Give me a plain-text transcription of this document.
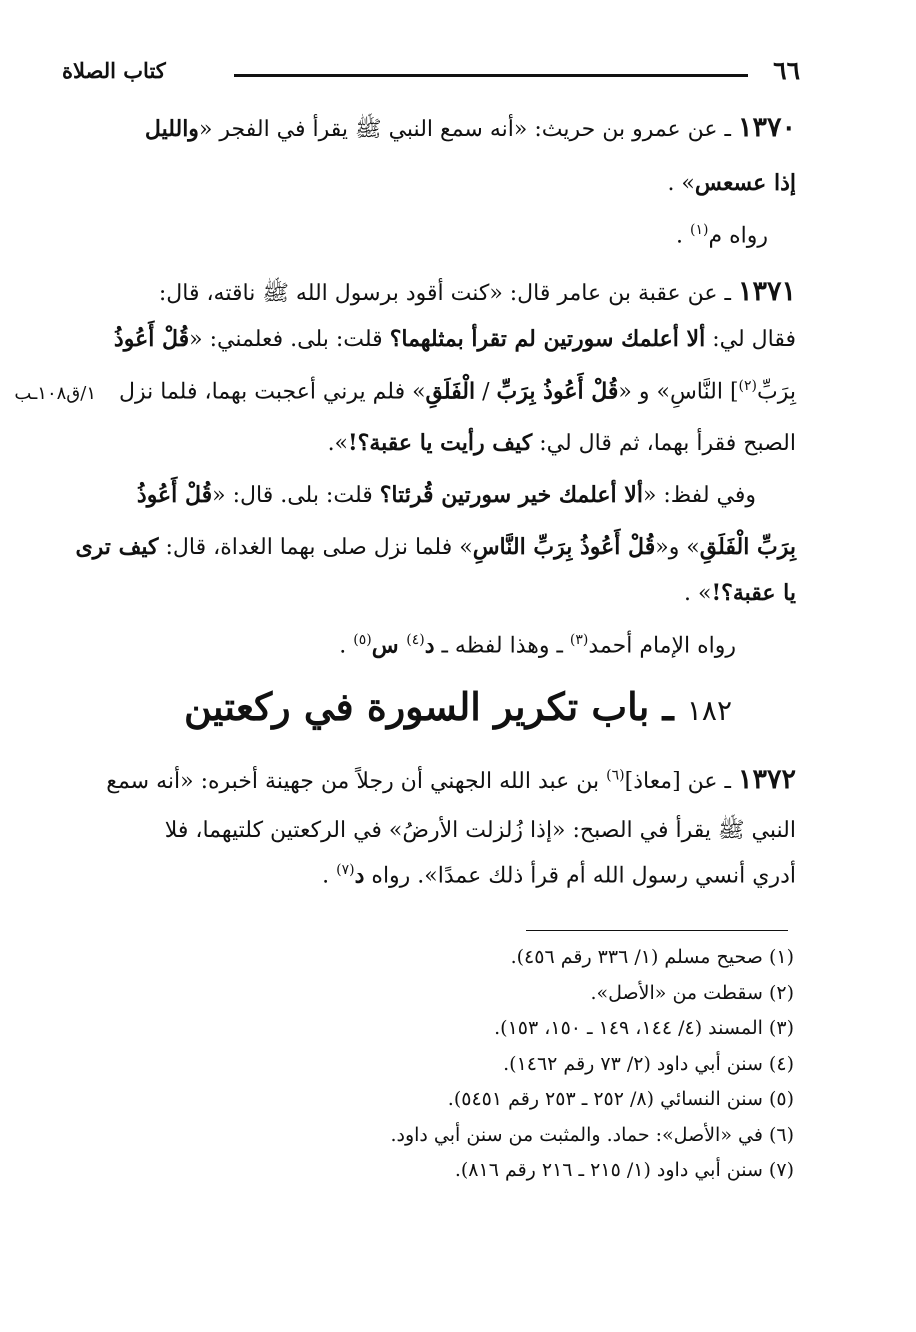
٦٦
كتاب الصلاة
١٣٧٠ ـ عن عمرو بن حريث: «أنه سمع النبي ﷺ يقرأ في الفجر «والليل
إذا عسعس» .
رواه م$^{(١)}$ .
١٣٧١ ـ عن عقبة بن عامر قال: «كنت أقود برسول الله ﷺ ناقته، قال:
فقال لي: ألا أعلمك سورتين لم تقرأ بمثلهما؟ قلت: بلى. فعلمني: «قُلْ أَعُوذُ
بِرَبِّ$^{(٢)}$] النَّاسِ» و «قُلْ أَعُوذُ بِرَبِّ / الْفَلَقِ» فلم يرني أعجبت بهما، فلما نزل
١/ق١٠٨ـب
الصبح فقرأ بهما، ثم قال لي: كيف رأيت يا عقبة؟!».
وفي لفظ: «ألا أعلمك خير سورتين قُرئتا؟ قلت: بلى. قال: «قُلْ أَعُوذُ
بِرَبِّ الْفَلَقِ» و«قُلْ أَعُوذُ بِرَبِّ النَّاسِ» فلما نزل صلى بهما الغداة، قال: كيف ترى
يا عقبة؟!» .
رواه الإمام أحمد$^{(٣)}$ ـ وهذا لفظه ـ د$^{(٤)}$ س$^{(٥)}$ .
١٨٢ ـ باب تكرير السورة في ركعتين
١٣٧٢ ـ عن [معاذ]$^{(٦)}$ بن عبد الله الجهني أن رجلاً من جهينة أخبره: «أنه سمع
النبي ﷺ يقرأ في الصبح: «إذا زُلزلت الأرضُ» في الركعتين كلتيهما، فلا
أدري أنسي رسول الله أم قرأ ذلك عمدًا». رواه د$^{(٧)}$ .
(١) صحيح مسلم (١/ ٣٣٦ رقم ٤٥٦).
(٢) سقطت من «الأصل».
(٣) المسند (٤/ ١٤٤، ١٤٩ ـ ١٥٠، ١٥٣).
(٤) سنن أبي داود (٢/ ٧٣ رقم ١٤٦٢).
(٥) سنن النسائي (٨/ ٢٥٢ ـ ٢٥٣ رقم ٥٤٥١).
(٦) في «الأصل»: حماد. والمثبت من سنن أبي داود.
(٧) سنن أبي داود (١/ ٢١٥ ـ ٢١٦ رقم ٨١٦).
